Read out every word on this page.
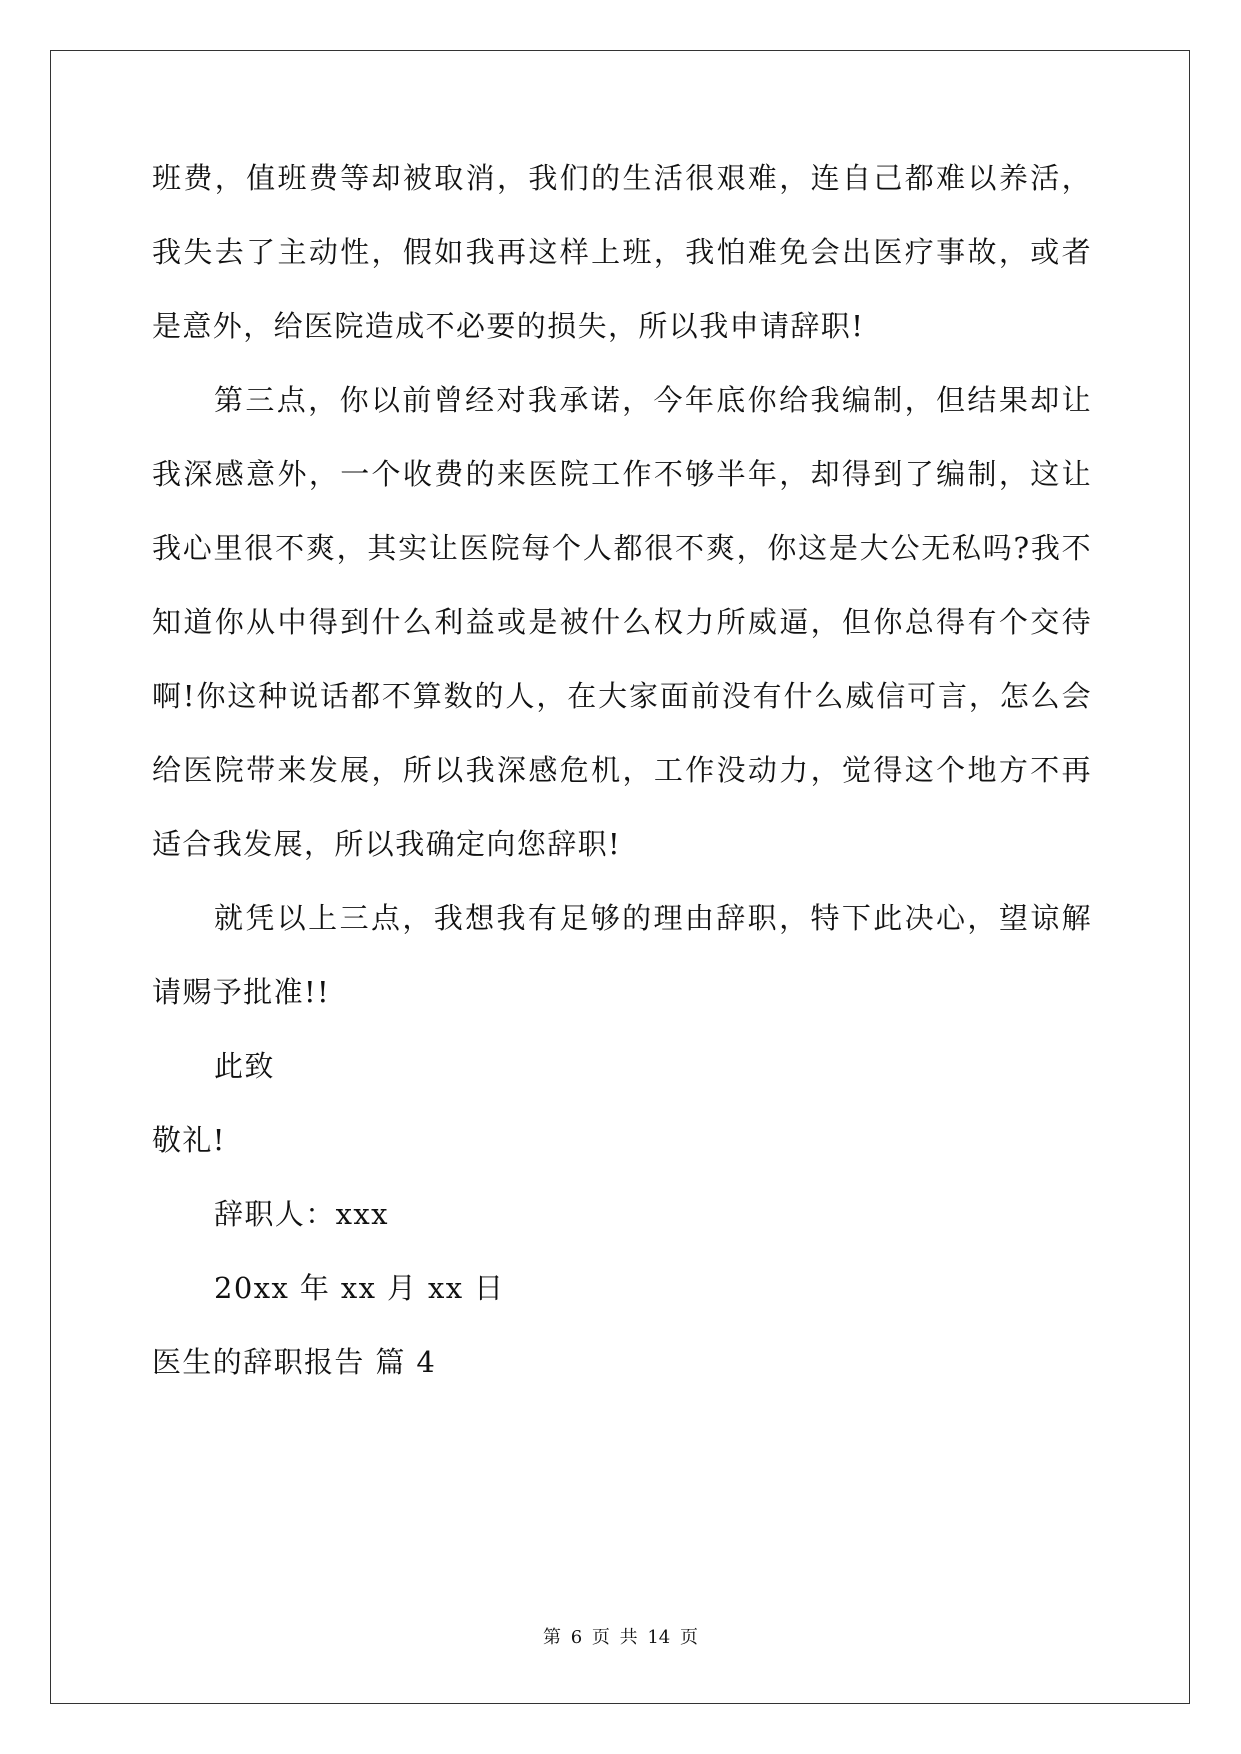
班费，值班费等却被取消，我们的生活很艰难，连自己都难以养活，
我失去了主动性，假如我再这样上班，我怕难免会出医疗事故，或者
是意外，给医院造成不必要的损失，所以我申请辞职!
第三点，你以前曾经对我承诺，今年底你给我编制，但结果却让
我深感意外，一个收费的来医院工作不够半年，却得到了编制，这让
我心里很不爽，其实让医院每个人都很不爽，你这是大公无私吗?我不
知道你从中得到什么利益或是被什么权力所威逼，但你总得有个交待
啊!你这种说话都不算数的人，在大家面前没有什么威信可言，怎么会
给医院带来发展，所以我深感危机，工作没动力，觉得这个地方不再
适合我发展，所以我确定向您辞职!
就凭以上三点，我想我有足够的理由辞职，特下此决心，望谅解
请赐予批准!!
此致
敬礼!
辞职人：xxx
20xx 年 xx 月 xx 日
医生的辞职报告 篇 4
第 6 页 共 14 页
